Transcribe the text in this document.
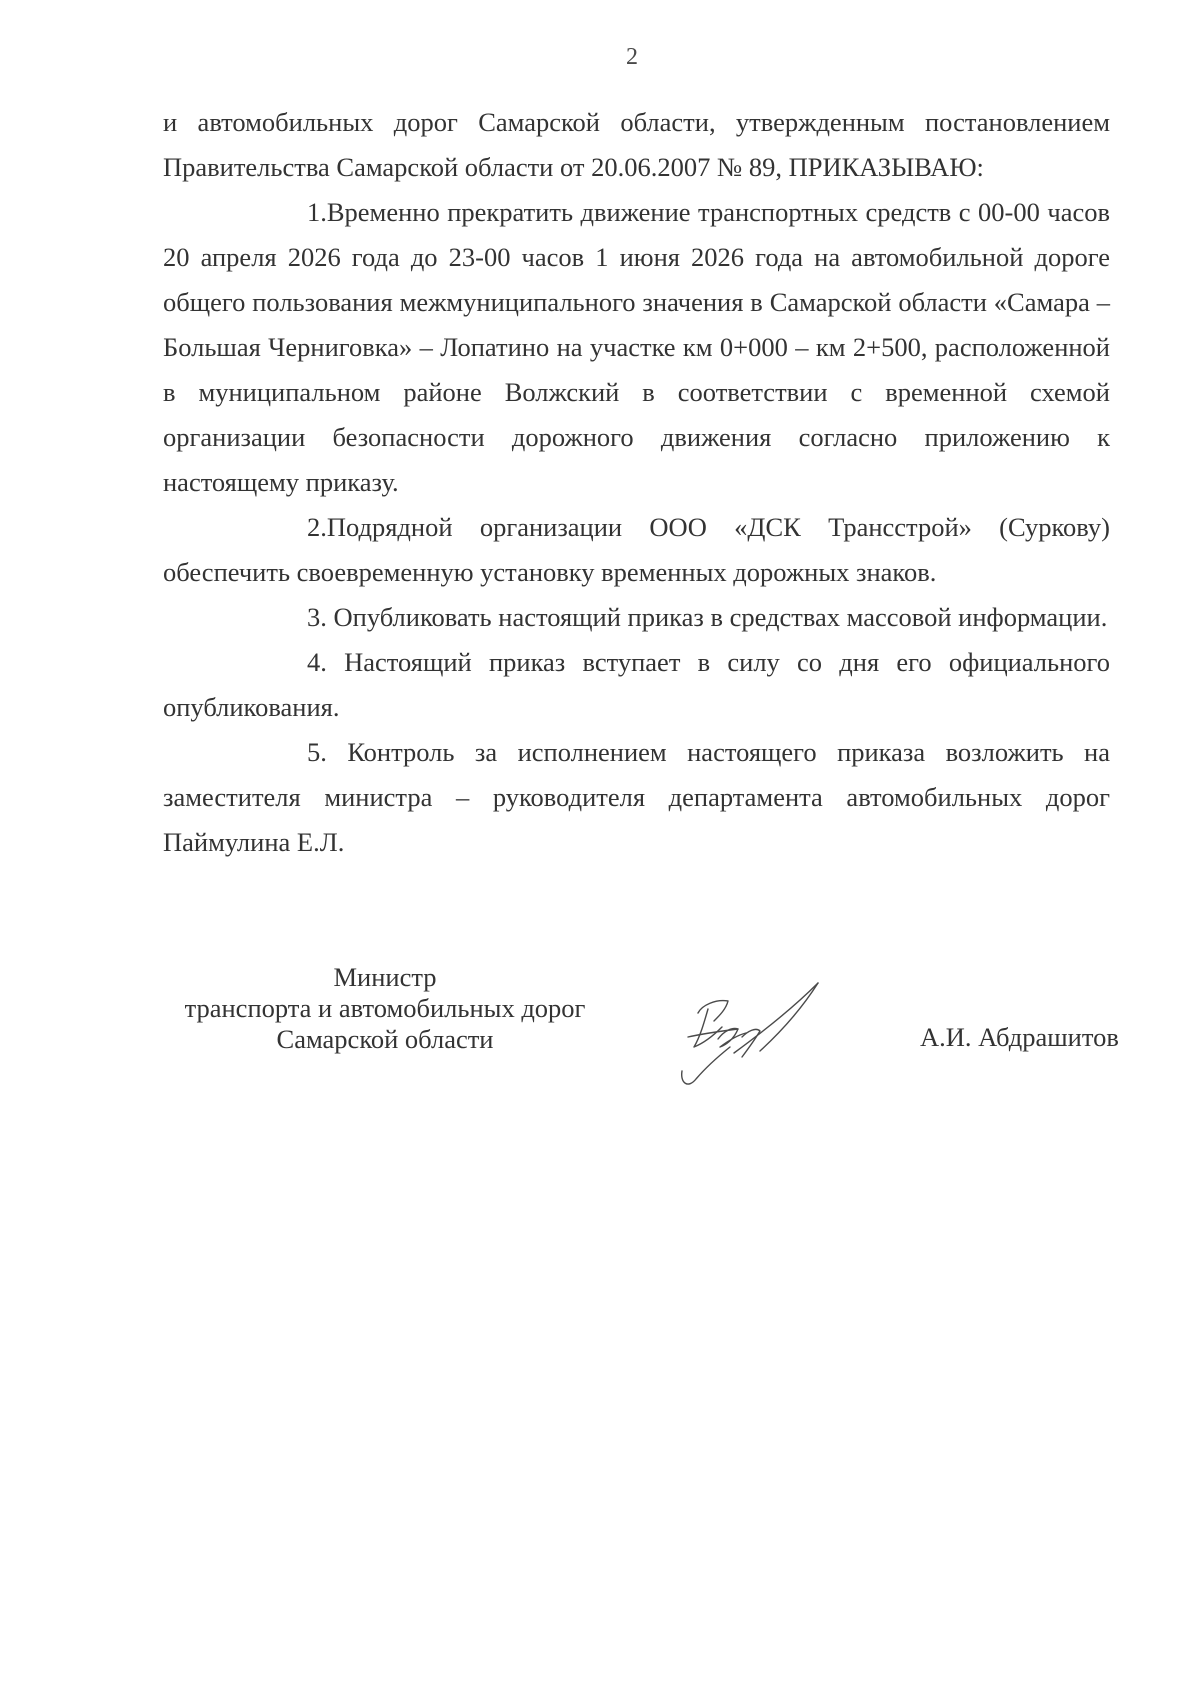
2

и автомобильных дорог Самарской области, утвержденным постановлением Правительства Самарской области от 20.06.2007 № 89, ПРИКАЗЫВАЮ:

1.Временно прекратить движение транспортных средств с 00-00 часов 20 апреля 2026 года до 23-00 часов 1 июня 2026 года на автомобильной дороге общего пользования межмуниципального значения в Самарской области «Самара – Большая Черниговка» – Лопатино на участке км 0+000 – км 2+500, расположенной в муниципальном районе Волжский в соответствии с временной схемой организации безопасности дорожного движения согласно приложению к настоящему приказу.

2.Подрядной организации ООО «ДСК Трансстрой» (Суркову) обеспечить своевременную установку временных дорожных знаков.

3. Опубликовать настоящий приказ в средствах массовой информации.

4. Настоящий приказ вступает в силу со дня его официального опубликования.

5. Контроль за исполнением настоящего приказа возложить на заместителя министра – руководителя департамента автомобильных дорог Паймулина Е.Л.

Министр
транспорта и автомобильных дорог
Самарской области	А.И. Абдрашитов
